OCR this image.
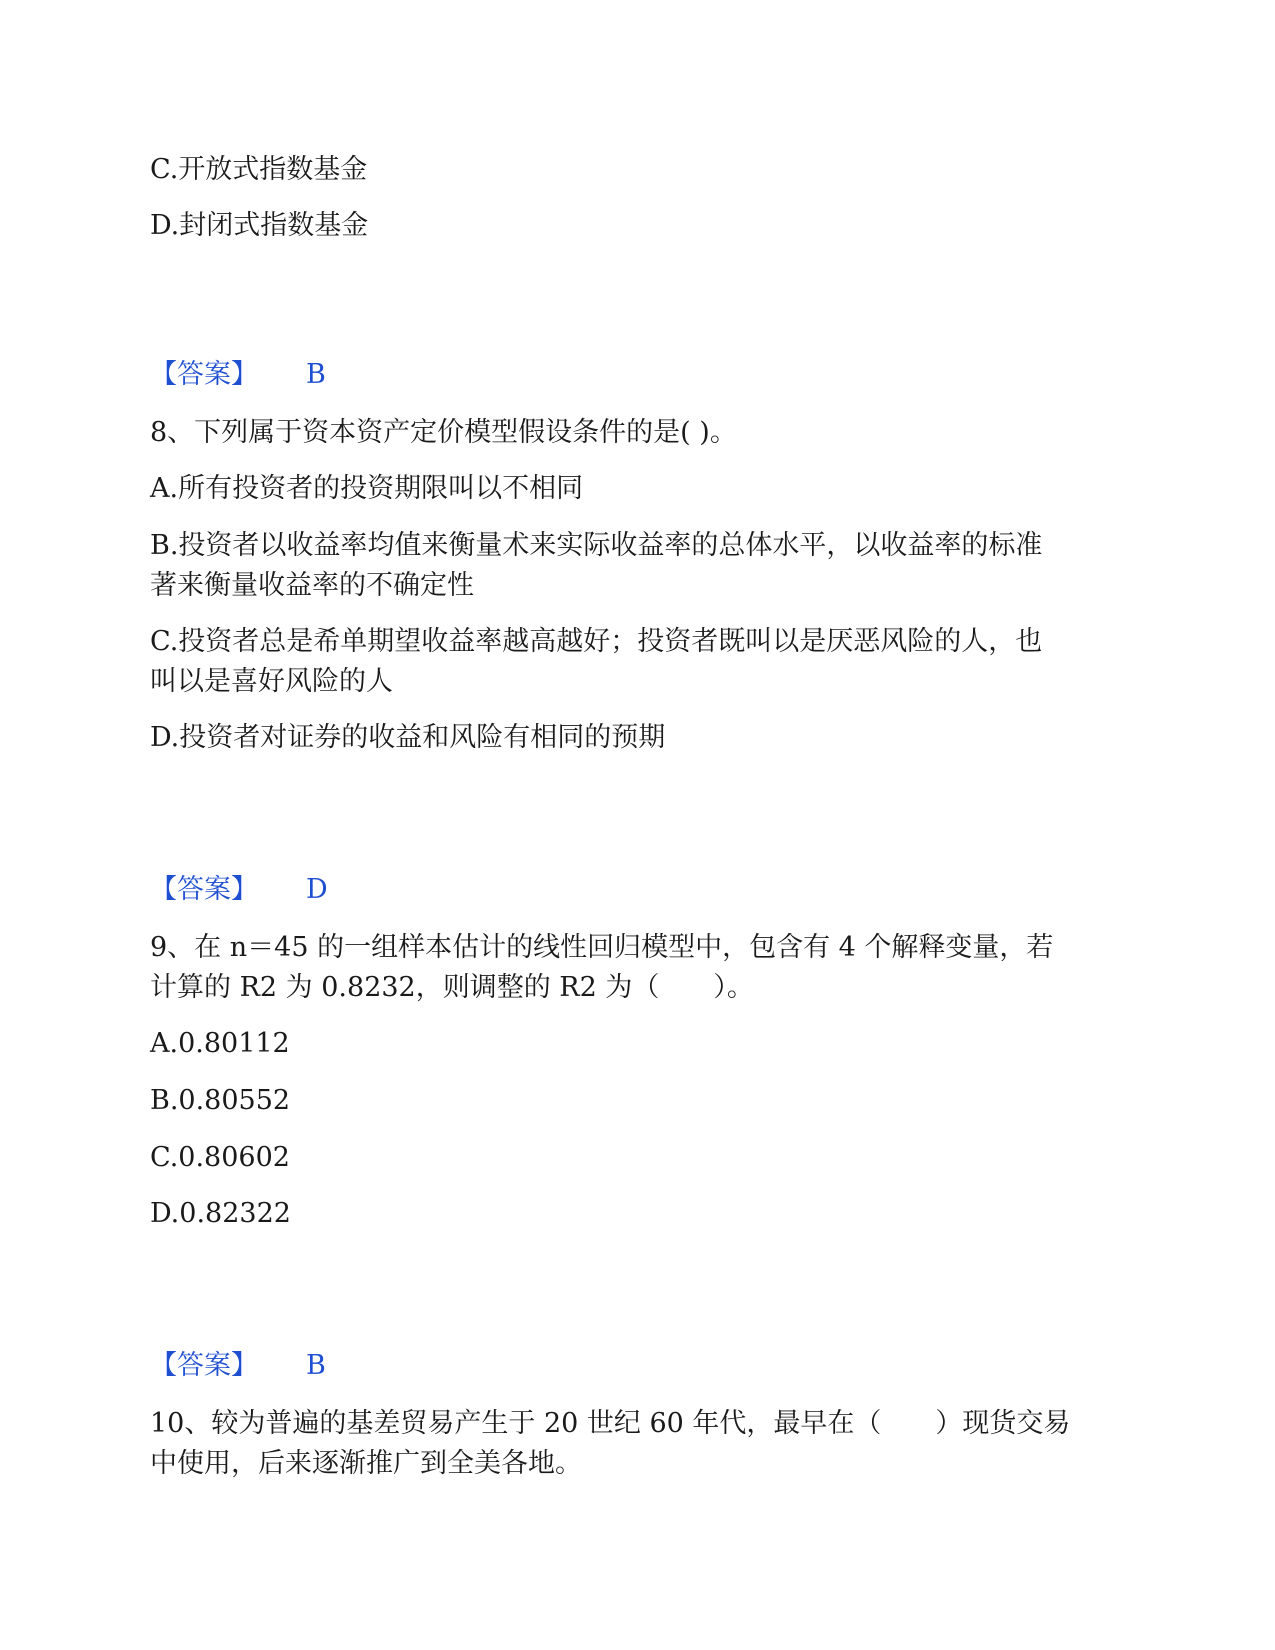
C.开放式指数基金
D.封闭式指数基金
【答案】 B
8、下列属于资本资产定价模型假设条件的是( )。
A.所有投资者的投资期限叫以不相同
B.投资者以收益率均值来衡量术来实际收益率的总体水平，以收益率的标准
著来衡量收益率的不确定性
C.投资者总是希单期望收益率越高越好；投资者既叫以是厌恶风险的人，也
叫以是喜好风险的人
D.投资者对证券的收益和风险有相同的预期
【答案】 D
9、在 n＝45 的一组样本估计的线性回归模型中，包含有 4 个解释变量，若
计算的 R2 为 0.8232，则调整的 R2 为（　　）。
A.0.80112
B.0.80552
C.0.80602
D.0.82322
【答案】 B
10、较为普遍的基差贸易产生于 20 世纪 60 年代，最早在（　　）现货交易
中使用，后来逐渐推广到全美各地。
